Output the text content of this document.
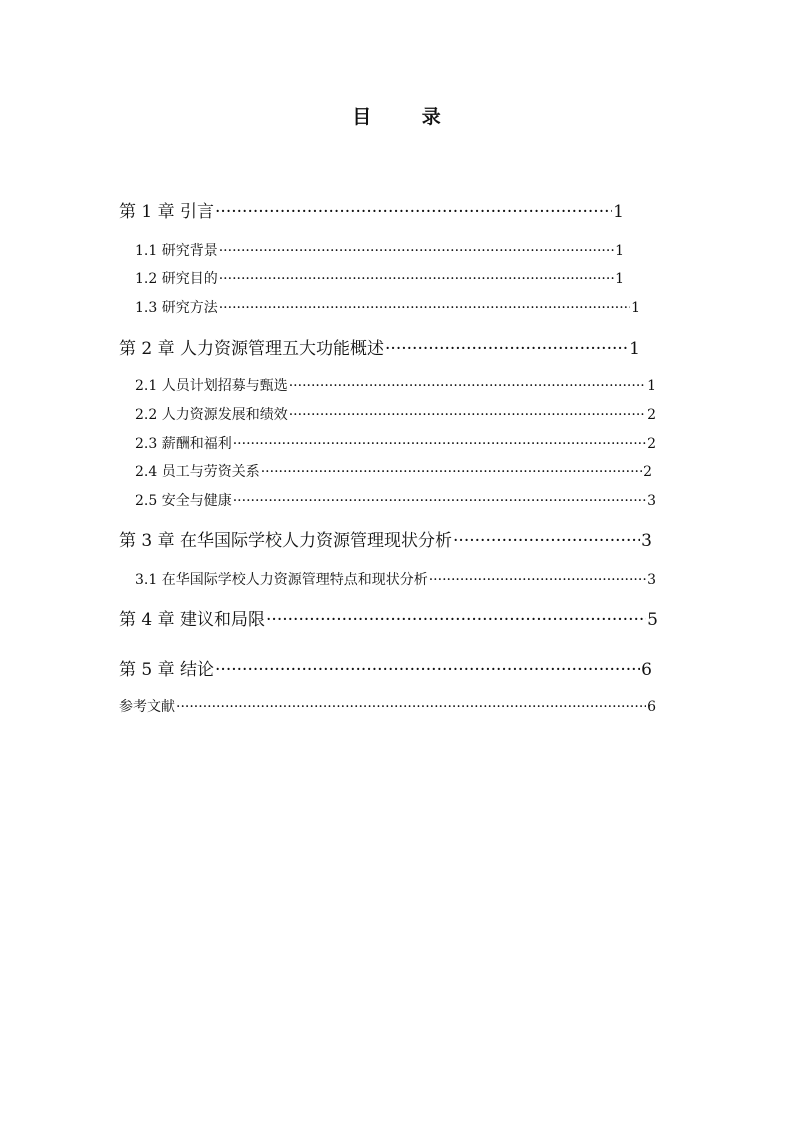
目 录
第 1 章 引言 ·····	1
1.1 研究背景 ·····	1
1.2 研究目的 ·····	1
1.3 研究方法 ·····	1
第 2 章 人力资源管理五大功能概述 ·····	1
2.1 人员计划招募与甄选 ·····	1
2.2 人力资源发展和绩效 ·····	2
2.3 薪酬和福利 ·····	2
2.4 员工与劳资关系 ·····	2
2.5 安全与健康 ·····	3
第 3 章 在华国际学校人力资源管理现状分析 ·····	3
3.1 在华国际学校人力资源管理特点和现状分析 ·····	3
第 4 章 建议和局限 ·····	5
第 5 章 结论 ·····	6
参考文献 ·····	6
